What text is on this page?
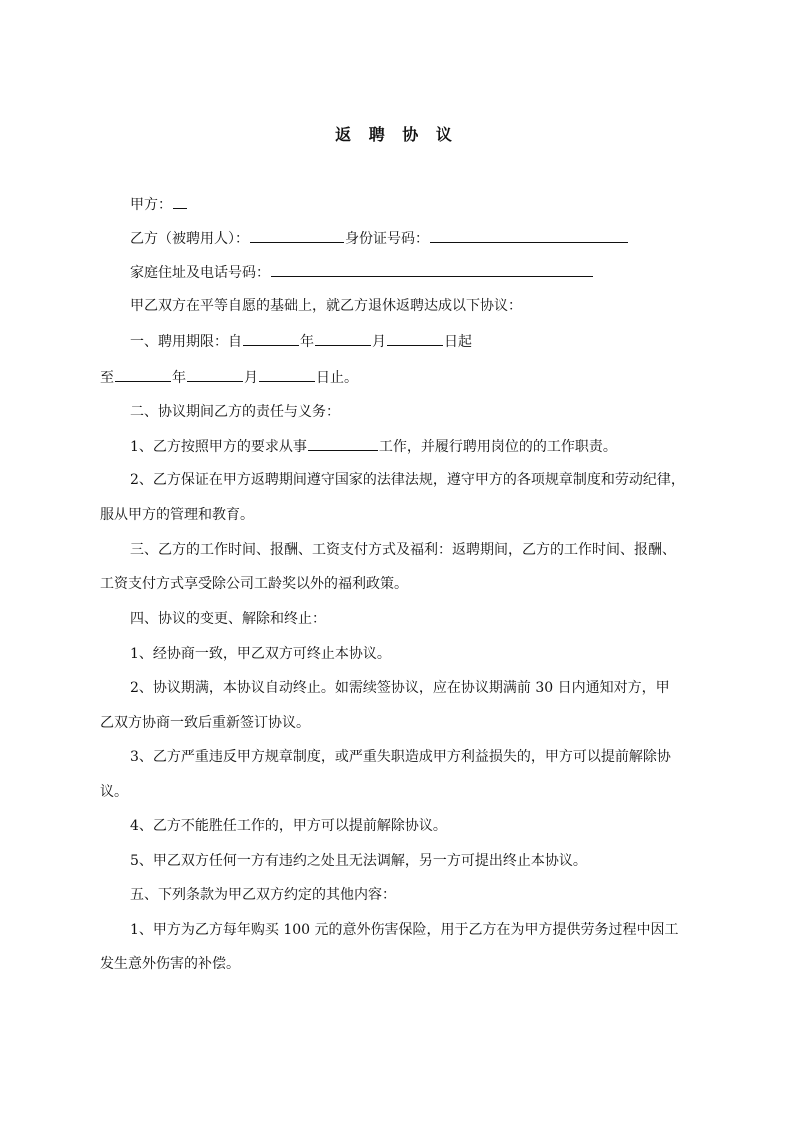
返 聘 协 议
甲方：
乙方（被聘用人）：	身份证号码：
家庭住址及电话号码：
甲乙双方在平等自愿的基础上，就乙方退休返聘达成以下协议：
一、聘用期限：自	年	月	日起
至	年	月	日止。
二、协议期间乙方的责任与义务：
1、乙方按照甲方的要求从事	工作，并履行聘用岗位的的工作职责。
2、乙方保证在甲方返聘期间遵守国家的法律法规，遵守甲方的各项规章制度和劳动纪律，
服从甲方的管理和教育。
三、乙方的工作时间、报酬、工资支付方式及福利：返聘期间，乙方的工作时间、报酬、
工资支付方式享受除公司工龄奖以外的福利政策。
四、协议的变更、解除和终止：
1、经协商一致，甲乙双方可终止本协议。
2、协议期满，本协议自动终止。如需续签协议，应在协议期满前 30 日内通知对方，甲
乙双方协商一致后重新签订协议。
3、乙方严重违反甲方规章制度，或严重失职造成甲方利益损失的，甲方可以提前解除协
议。
4、乙方不能胜任工作的，甲方可以提前解除协议。
5、甲乙双方任何一方有违约之处且无法调解，另一方可提出终止本协议。
五、下列条款为甲乙双方约定的其他内容：
1、甲方为乙方每年购买 100 元的意外伤害保险，用于乙方在为甲方提供劳务过程中因工
发生意外伤害的补偿。
